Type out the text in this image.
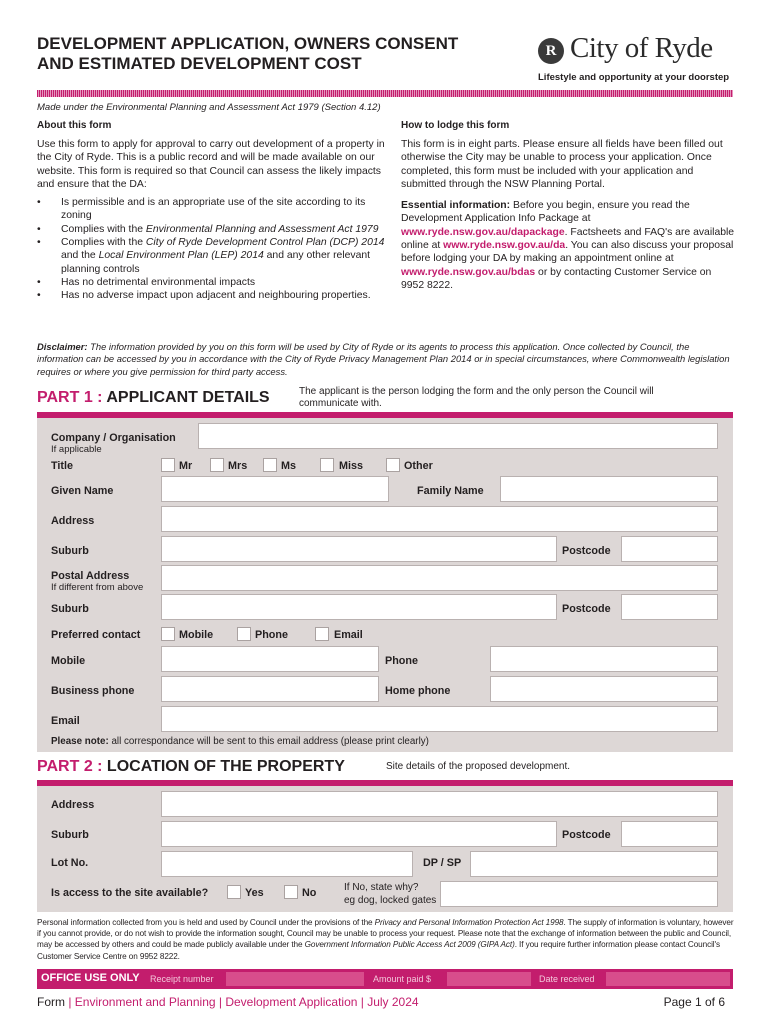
DEVELOPMENT APPLICATION, OWNERS CONSENT
AND ESTIMATED DEVELOPMENT COST
R City of Ryde
Lifestyle and opportunity at your doorstep
Made under the Environmental Planning and Assessment Act 1979 (Section 4.12)
About this form

Use this form to apply for approval to carry out development of a property in the City of Ryde. This is a public record and will be made available on our website. This form is required so that Council can assess the likely impacts and ensure that the DA:

• Is permissible and is an appropriate use of the site according to its zoning
• Complies with the Environmental Planning and Assessment Act 1979
• Complies with the City of Ryde Development Control Plan (DCP) 2014 and the Local Environment Plan (LEP) 2014 and any other relevant planning controls
• Has no detrimental environmental impacts
• Has no adverse impact upon adjacent and neighbouring properties.
How to lodge this form

This form is in eight parts. Please ensure all fields have been filled out otherwise the City may be unable to process your application. Once completed, this form must be included with your application and submitted through the NSW Planning Portal.

Essential information: Before you begin, ensure you read the Development Application Info Package at www.ryde.nsw.gov.au/dapackage. Factsheets and FAQ's are available online at www.ryde.nsw.gov.au/da. You can also discuss your proposal before lodging your DA by making an appointment online at www.ryde.nsw.gov.au/bdas or by contacting Customer Service on 9952 8222.

Disclaimer: The information provided by you on this form will be used by City of Ryde or its agents to process this application. Once collected by Council, the information can be accessed by you in accordance with the City of Ryde Privacy Management Plan 2014 or in special circumstances, where Commonwealth legislation requires or where you give permission for third party access.
PART 1 : APPLICANT DETAILS	The applicant is the person lodging the form and the only person the Council will communicate with.
Company / Organisation
If applicable
Title	Mr	Mrs	Ms	Miss	Other
Given Name	Family Name
Address
Suburb	Postcode
Postal Address
If different from above
Suburb	Postcode
Preferred contact	Mobile	Phone	Email
Mobile	Phone
Business phone	Home phone
Email
Please note: all correspondance will be sent to this email address (please print clearly)
PART 2 : LOCATION OF THE PROPERTY	Site details of the proposed development.
Address
Suburb	Postcode
Lot No.	DP / SP
Is access to the site available?	Yes	No	If No, state why?
eg dog, locked gates
Personal information collected from you is held and used by Council under the provisions of the Privacy and Personal Information Protection Act 1998. The supply of information is voluntary, however if you cannot provide, or do not wish to provide the information sought, Council may be unable to process your request. Please note that the exchange of information between the public and Council, may be accessed by others and could be made publicly available under the Government Information Public Access Act 2009 (GIPA Act). If you require further information please contact Council's Customer Service Centre on 9952 8222.
OFFICE USE ONLY Receipt number	Amount paid $	Date received
Form | Environment and Planning | Development Application | July 2024	Page 1 of 6
